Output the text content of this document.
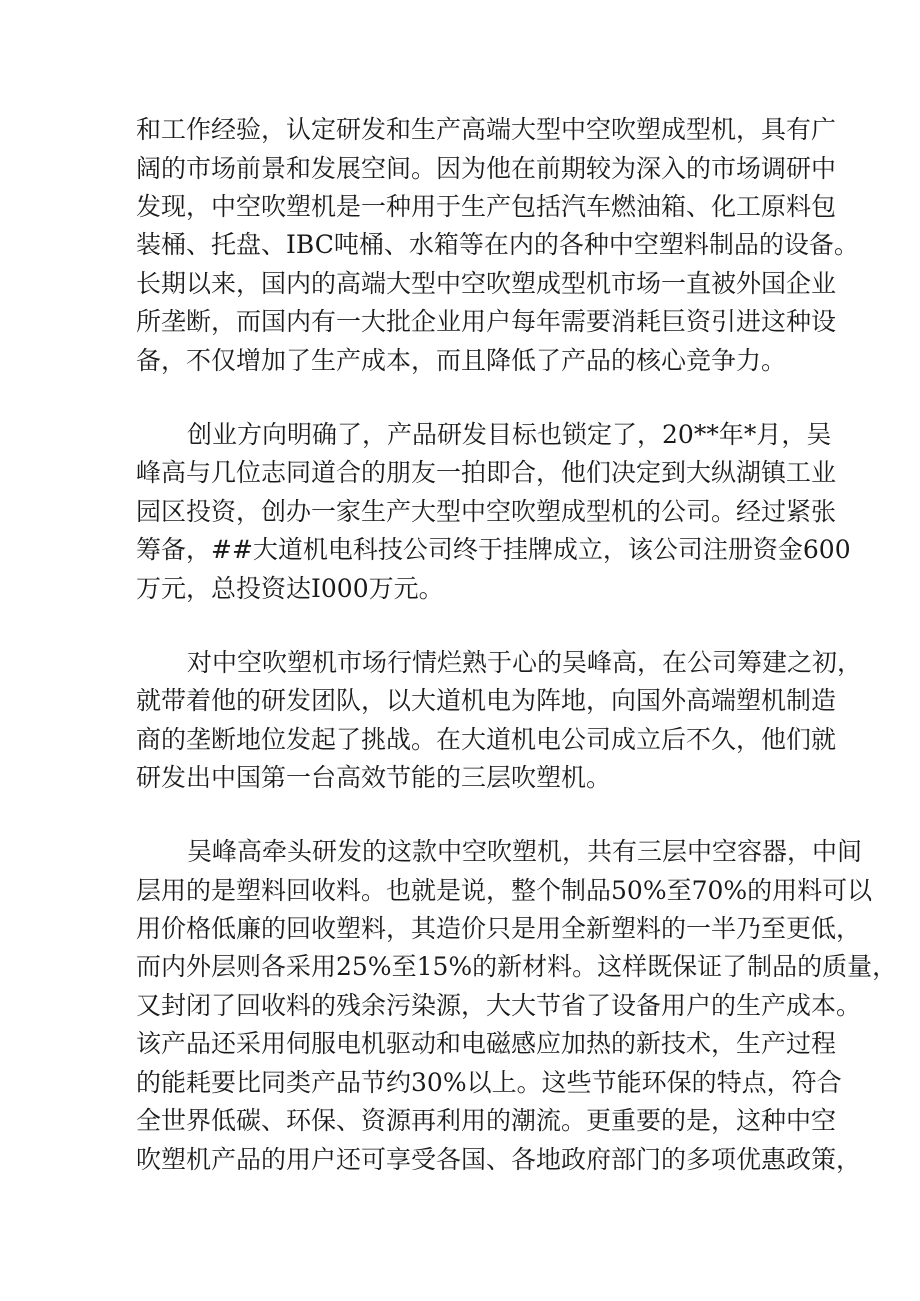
和工作经验，认定研发和生产高端大型中空吹塑成型机，具有广
阔的市场前景和发展空间。因为他在前期较为深入的市场调研中
发现，中空吹塑机是一种用于生产包括汽车燃油箱、化工原料包
装桶、托盘、IBC吨桶、水箱等在内的各种中空塑料制品的设备。
长期以来，国内的高端大型中空吹塑成型机市场一直被外国企业
所垄断，而国内有一大批企业用户每年需要消耗巨资引进这种设
备，不仅增加了生产成本，而且降低了产品的核心竞争力。
创业方向明确了，产品研发目标也锁定了，20**年*月，吴
峰高与几位志同道合的朋友一拍即合，他们决定到大纵湖镇工业
园区投资，创办一家生产大型中空吹塑成型机的公司。经过紧张
筹备，##大道机电科技公司终于挂牌成立，该公司注册资金600
万元，总投资达I000万元。
对中空吹塑机市场行情烂熟于心的吴峰高，在公司筹建之初，
就带着他的研发团队，以大道机电为阵地，向国外高端塑机制造
商的垄断地位发起了挑战。在大道机电公司成立后不久，他们就
研发出中国第一台高效节能的三层吹塑机。
吴峰高牵头研发的这款中空吹塑机，共有三层中空容器，中间
层用的是塑料回收料。也就是说，整个制品50%至70%的用料可以
用价格低廉的回收塑料，其造价只是用全新塑料的一半乃至更低，
而内外层则各采用25%至15%的新材料。这样既保证了制品的质量，
又封闭了回收料的残余污染源，大大节省了设备用户的生产成本。
该产品还采用伺服电机驱动和电磁感应加热的新技术，生产过程
的能耗要比同类产品节约30%以上。这些节能环保的特点，符合
全世界低碳、环保、资源再利用的潮流。更重要的是，这种中空
吹塑机产品的用户还可享受各国、各地政府部门的多项优惠政策，
